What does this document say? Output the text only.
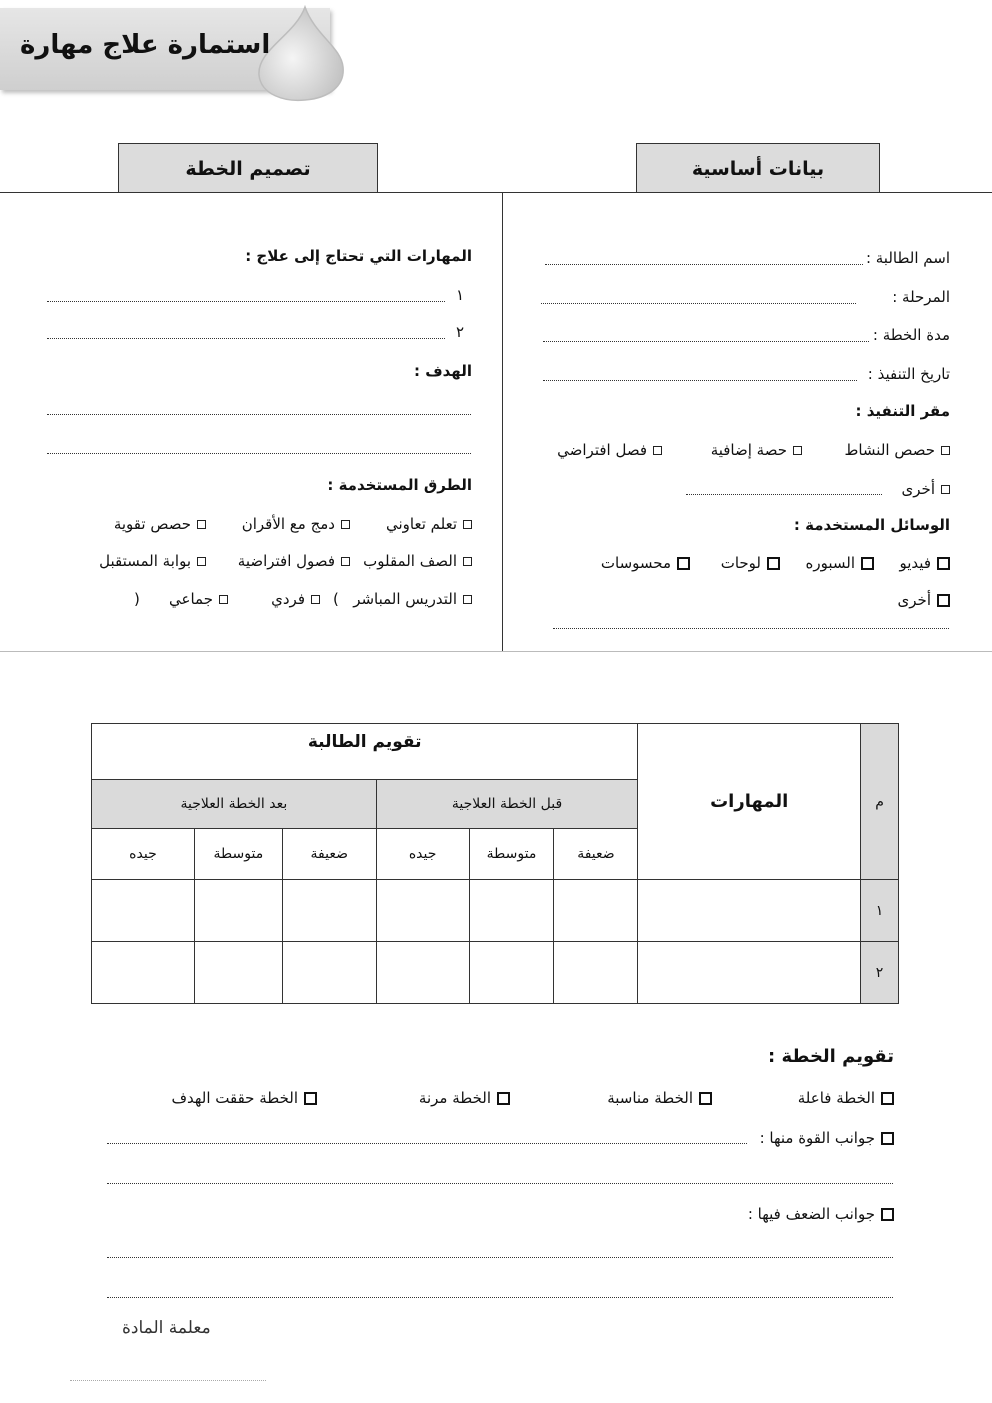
استمارة علاج مهارة
تصميم الخطة	بيانات أساسية
اسم الطالبة :
المرحلة :
مدة الخطة :
تاريخ التنفيذ :
مقر التنفيذ :
حصص النشاط
حصة إضافية
فصل افتراضي
أخرى
الوسائل المستخدمة :
فيديو
السبوره
لوحات
محسوسات
أخرى
المهارات التي تحتاج إلى علاج :
١
٢
الهدف :
الطرق المستخدمة :
تعلم تعاوني
دمج مع الأقران
حصص تقوية
الصف المقلوب
فصول افتراضية
بوابة المستقبل
التدريس المباشر
(
فردي
جماعي
)
م	المهارات	تقويم الطالبة					
		قبل الخطة العلاجية			بعد الخطة العلاجية		
		ضعيفة	متوسطة	جيده	ضعيفة	متوسطة	جيده
١							
٢							
تقويم الخطة :
الخطة فاعلة
الخطة مناسبة
الخطة مرنة
الخطة حققت الهدف
جوانب القوة منها :
جوانب الضعف فيها :
معلمة المادة
